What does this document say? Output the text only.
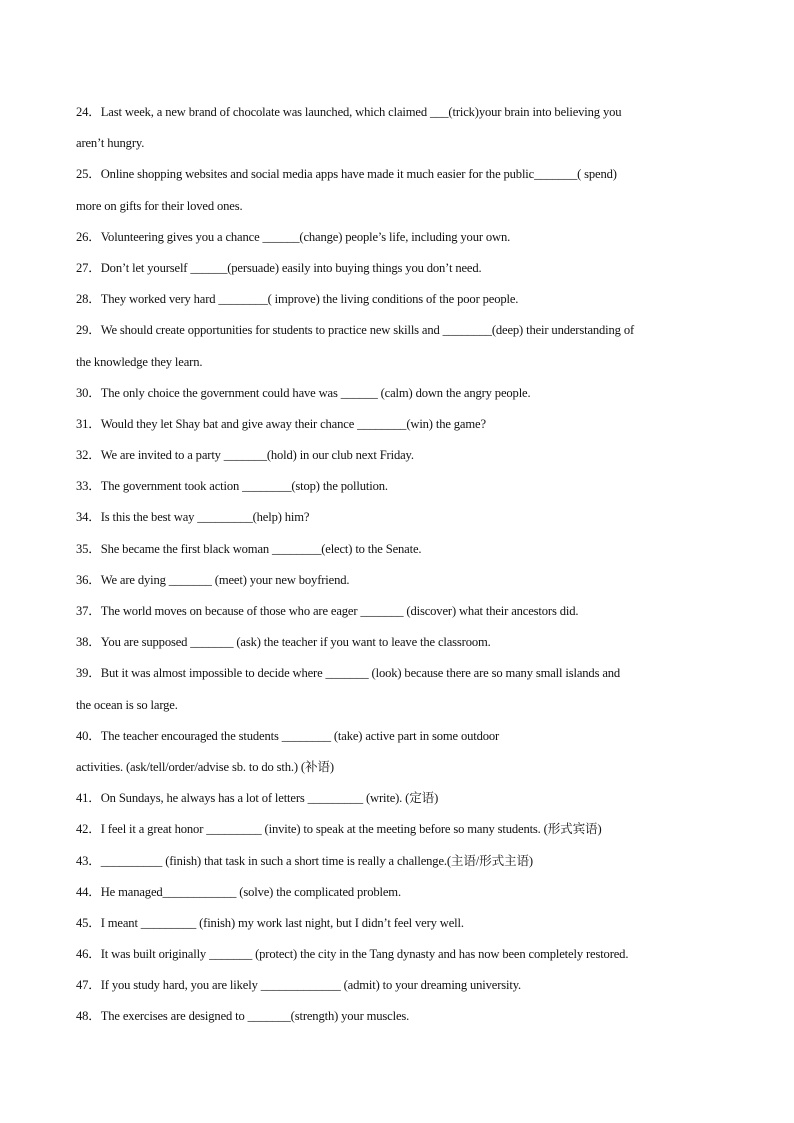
24．Last week, a new brand of chocolate was launched, which claimed ___(trick)your brain into believing you
aren’t hungry.
25．Online shopping websites and social media apps have made it much easier for the public_______( spend)
more on gifts for their loved ones.
26．Volunteering gives you a chance ______(change) people’s life, including your own.
27．Don’t let yourself ______(persuade) easily into buying things you don’t need.
28．They worked very hard ________( improve) the living conditions of the poor people.
29．We should create opportunities for students to practice new skills and ________(deep) their understanding of
the knowledge they learn.
30．The only choice the government could have was ______ (calm) down the angry people.
31．Would they let Shay bat and give away their chance ________(win) the game?
32．We are invited to a party _______(hold) in our club next Friday.
33．The government took action ________(stop) the pollution.
34．Is this the best way _________(help) him?
35．She became the first black woman ________(elect) to the Senate.
36．We are dying _______ (meet) your new boyfriend.
37．The world moves on because of those who are eager _______ (discover) what their ancestors did.
38．You are supposed _______ (ask) the teacher if you want to leave the classroom.
39．But it was almost impossible to decide where _______ (look) because there are so many small islands and
the ocean is so large.
40．The teacher encouraged the students ________ (take) active part in some outdoor
activities. (ask/tell/order/advise sb. to do sth.) (补语)
41．On Sundays, he always has a lot of letters _________ (write). (定语)
42．I feel it a great honor _________ (invite) to speak at the meeting before so many students. (形式宾语)
43．__________ (finish) that task in such a short time is really a challenge.(主语/形式主语)
44．He managed____________ (solve) the complicated problem.
45．I meant _________ (finish) my work last night, but I didn’t feel very well.
46．It was built originally _______ (protect) the city in the Tang dynasty and has now been completely restored.
47．If you study hard, you are likely _____________ (admit) to your dreaming university.
48．The exercises are designed to _______(strength) your muscles.
